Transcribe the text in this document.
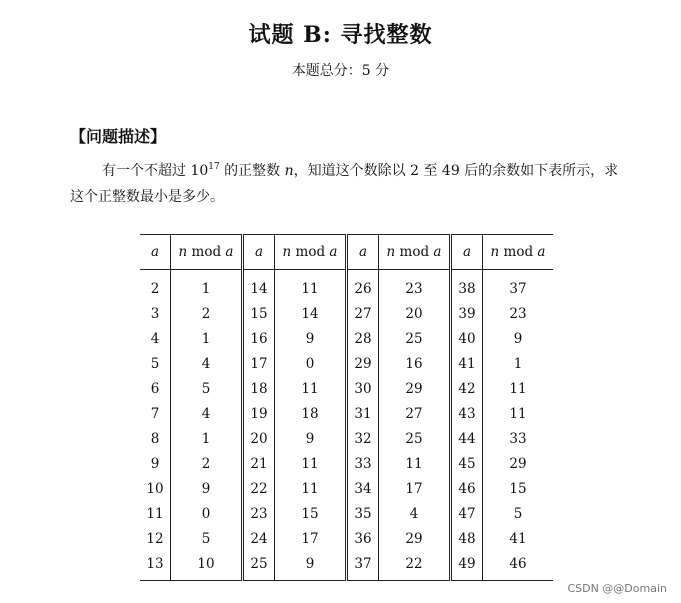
试题 B: 寻找整数
本题总分：5 分
【问题描述】
有一个不超过 $10^{17}$ 的正整数 n，知道这个数除以 2 至 49 后的余数如下表所示，求这个正整数最小是多少。
a	n mod a	a	n mod a	a	n mod a	a	n mod a
2	1	14	11	26	23	38	37
3	2	15	14	27	20	39	23
4	1	16	9	28	25	40	9
5	4	17	0	29	16	41	1
6	5	18	11	30	29	42	11
7	4	19	18	31	27	43	11
8	1	20	9	32	25	44	33
9	2	21	11	33	11	45	29
10	9	22	11	34	17	46	15
11	0	23	15	35	4	47	5
12	5	24	17	36	29	48	41
13	10	25	9	37	22	49	46
CSDN @@Domain
